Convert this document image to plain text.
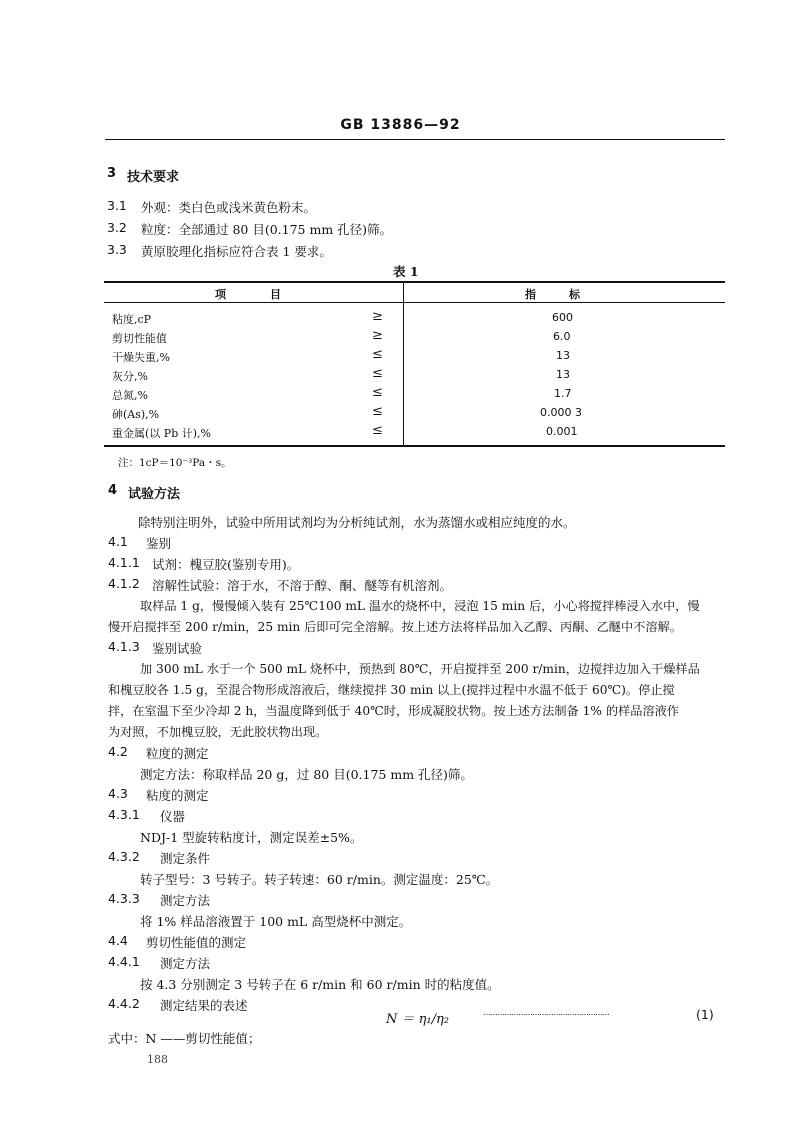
GB 13886—92
3 技术要求
3.1 外观：类白色或浅米黄色粉末。
3.2 粒度：全部通过 80 目(0.175 mm 孔径)筛。
3.3 黄原胶理化指标应符合表 1 要求。
表 1
项　　　　目	指　　　标
粘度,cP	≥	600
剪切性能值	≥	6.0
干燥失重,%	≤	13
灰分,%	≤	13
总氮,%	≤	1.7
砷(As),%	≤	0.000 3
重金属(以 Pb 计),%	≤	0.001
注：1cP＝10⁻³Pa・s。
4 试验方法
除特别注明外，试验中所用试剂均为分析纯试剂，水为蒸馏水或相应纯度的水。
4.1 鉴别
4.1.1 试剂：槐豆胶(鉴别专用)。
4.1.2 溶解性试验：溶于水，不溶于醇、酮、醚等有机溶剂。
取样品 1 g，慢慢倾入装有 25℃100 mL 温水的烧杯中，浸泡 15 min 后，小心将搅拌棒浸入水中，慢
慢开启搅拌至 200 r/min，25 min 后即可完全溶解。按上述方法将样品加入乙醇、丙酮、乙醚中不溶解。
4.1.3 鉴别试验
加 300 mL 水于一个 500 mL 烧杯中，预热到 80℃，开启搅拌至 200 r/min，边搅拌边加入干燥样品
和槐豆胶各 1.5 g，至混合物形成溶液后，继续搅拌 30 min 以上(搅拌过程中水温不低于 60℃)。停止搅
拌，在室温下至少冷却 2 h，当温度降到低于 40℃时，形成凝胶状物。按上述方法制备 1% 的样品溶液作
为对照，不加槐豆胶，无此胶状物出现。
4.2 粒度的测定
测定方法：称取样品 20 g，过 80 目(0.175 mm 孔径)筛。
4.3 粘度的测定
4.3.1 仪器
NDJ-1 型旋转粘度计，测定误差±5%。
4.3.2 测定条件
转子型号：3 号转子。转子转速：60 r/min。测定温度：25℃。
4.3.3 测定方法
将 1% 样品溶液置于 100 mL 高型烧杯中测定。
4.4 剪切性能值的测定
4.4.1 测定方法
按 4.3 分别测定 3 号转子在 6 r/min 和 60 r/min 时的粘度值。
4.4.2 测定结果的表述
N ＝ η₁/η₂	………………………………………………	(1)
式中：N ——剪切性能值；
188
